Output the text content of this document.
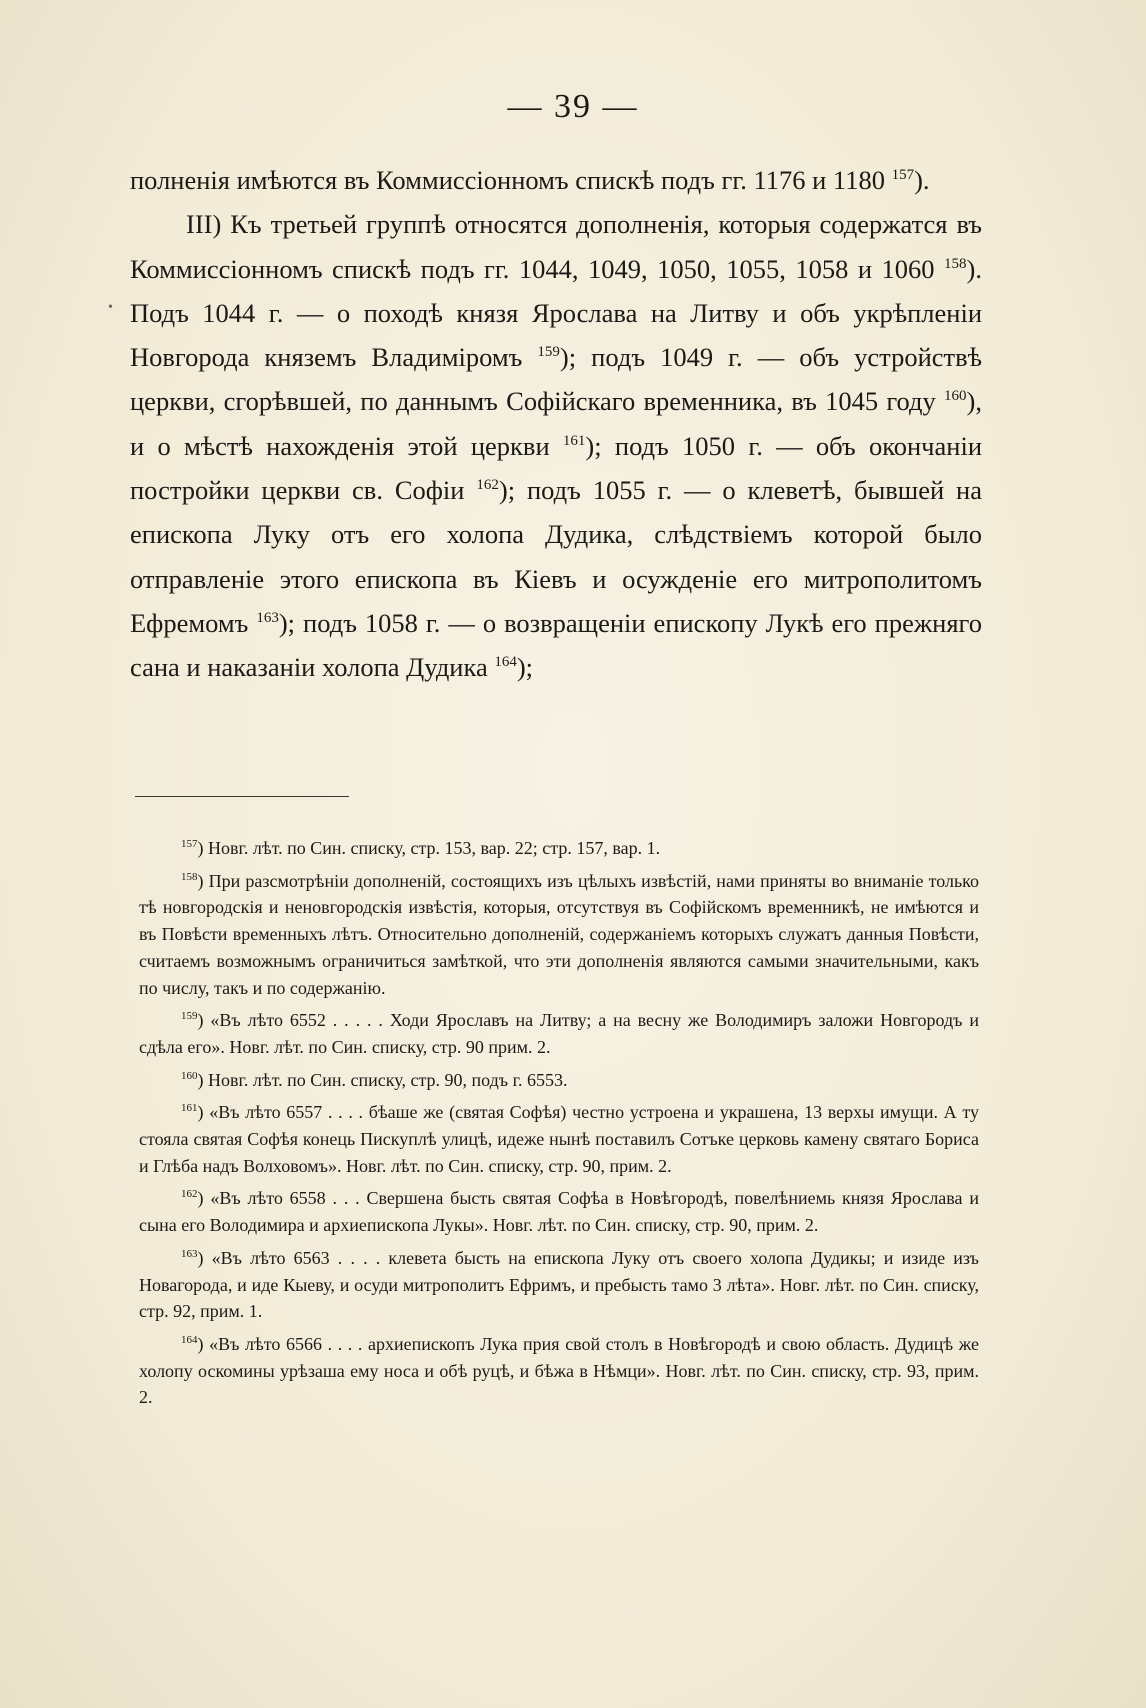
— 39 —

полненія имѣются въ Коммиссіонномъ спискѣ подъ гг. 1176 и 1180 $^{157}$).

III) Къ третьей группѣ относятся дополненія, которыя содержатся въ Коммиссіонномъ спискѣ подъ гг. 1044, 1049, 1050, 1055, 1058 и 1060 $^{158}$). Подъ 1044 г. — о походѣ князя Ярослава на Литву и объ укрѣпленіи Новгорода княземъ Владиміромъ $^{159}$); подъ 1049 г. — объ устройствѣ церкви, сгорѣвшей, по даннымъ Софійскаго временника, въ 1045 году $^{160}$), и о мѣстѣ нахожденія этой церкви $^{161}$); подъ 1050 г. — объ окончаніи постройки церкви св. Софіи $^{162}$); подъ 1055 г. — о клеветѣ, бывшей на епископа Луку отъ его холопа Дудика, слѣдствіемъ которой было отправленіе этого епископа въ Кіевъ и осужденіе его митрополитомъ Ефремомъ $^{163}$); подъ 1058 г. — о возвращеніи епископу Лукѣ его прежняго сана и наказаніи холопа Дудика $^{164}$);

$^{157}$) Новг. лѣт. по Син. списку, стр. 153, вар. 22; стр. 157, вар. 1.
$^{158}$) При разсмотрѣніи дополненій, состоящихъ изъ цѣлыхъ извѣстій, нами приняты во вниманіе только тѣ новгородскія и неновгородскія извѣстія, которыя, отсутствуя въ Софійскомъ временникѣ, не имѣются и въ Повѣсти временныхъ лѣтъ. Относительно дополненій, содержаніемъ которыхъ служатъ данныя Повѣсти, считаемъ возможнымъ ограничиться замѣткой, что эти дополненія являются самыми значительными, какъ по числу, такъ и по содержанію.
$^{159}$) «Въ лѣто 6552 . . . . . Ходи Ярославъ на Литву; а на весну же Володимиръ заложи Новгородъ и сдѣла его». Новг. лѣт. по Син. списку, стр. 90 прим. 2.
$^{160}$) Новг. лѣт. по Син. списку, стр. 90, подъ г. 6553.
$^{161}$) «Въ лѣто 6557 . . . . бѣаше же (святая Софѣя) честно устроена и украшена, 13 верхы имущи. А ту стояла святая Софѣя конець Пискуплѣ улицѣ, идеже нынѣ поставилъ Сотъке церковь камену святаго Бориса и Глѣба надъ Волховомъ». Новг. лѣт. по Син. списку, стр. 90, прим. 2.
$^{162}$) «Въ лѣто 6558 . . . Свершена бысть святая Софѣа в Новѣгородѣ, повелѣниемь князя Ярослава и сына его Володимира и архиепископа Лукы». Новг. лѣт. по Син. списку, стр. 90, прим. 2.
$^{163}$) «Въ лѣто 6563 . . . . клевета бысть на епископа Луку отъ своего холопа Дудикы; и изиде изъ Новагорода, и иде Кыеву, и осуди митрополитъ Ефримъ, и пребысть тамо 3 лѣта». Новг. лѣт. по Син. списку, стр. 92, прим. 1.
$^{164}$) «Въ лѣто 6566 . . . . архиепископъ Лука прия свой столъ в Новѣгородѣ и свою область. Дудицѣ же холопу оскомины урѣзаша ему носа и обѣ руцѣ, и бѣжа в Нѣмци». Новг. лѣт. по Син. списку, стр. 93, прим. 2.
•
